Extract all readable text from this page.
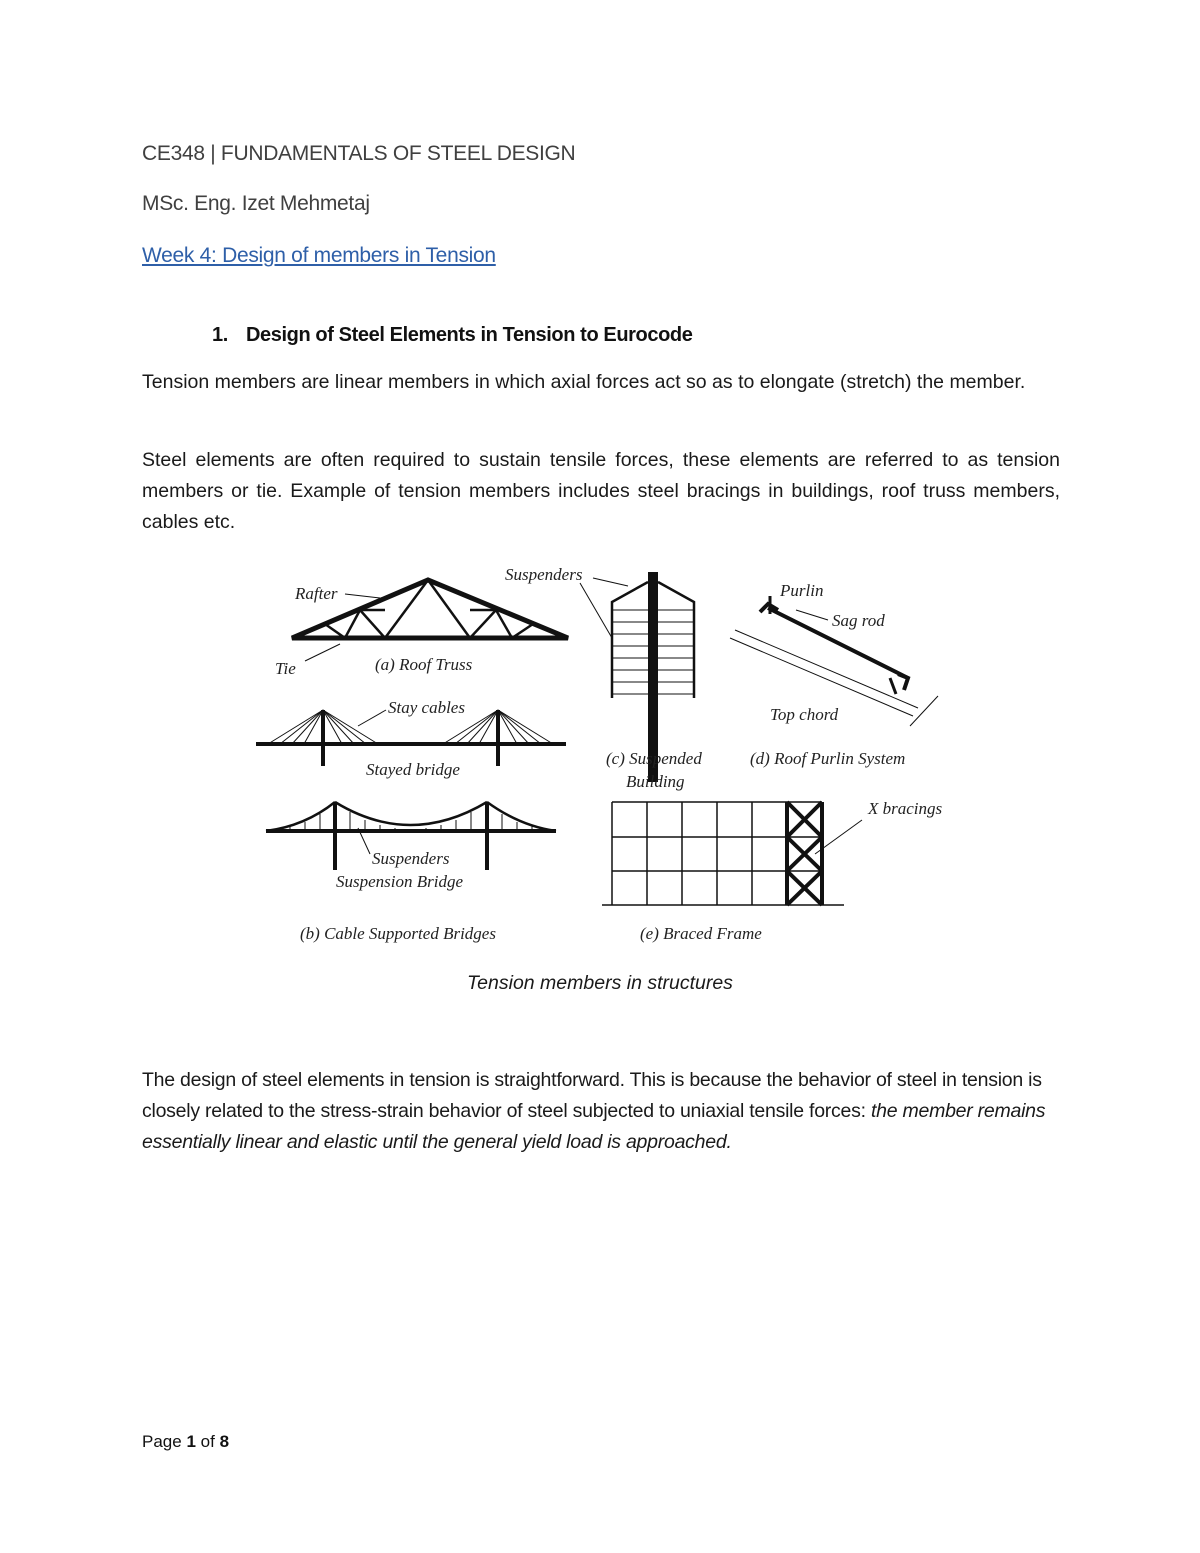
CE348 | FUNDAMENTALS OF STEEL DESIGN
MSc. Eng. Izet Mehmetaj
Week 4: Design of members in Tension
1. Design of Steel Elements in Tension to Eurocode
Tension members are linear members in which axial forces act so as to elongate (stretch) the member.
Steel elements are often required to sustain tensile forces, these elements are referred to as tension members or tie. Example of tension members includes steel bracings in buildings, roof truss members, cables etc.
Rafter
Tie	(a) Roof Truss
Stay cables
Stayed bridge
Suspenders
Suspension Bridge
(b) Cable Supported Bridges
Suspenders
(c) Suspended
Building
Purlin
Sag rod
Top chord
(d) Roof Purlin System
X bracings
(e) Braced Frame
Tension members in structures
The design of steel elements in tension is straightforward. This is because the behavior of steel in tension is closely related to the stress-strain behavior of steel subjected to uniaxial tensile forces: the member remains essentially linear and elastic until the general yield load is approached.
Page 1 of 8
